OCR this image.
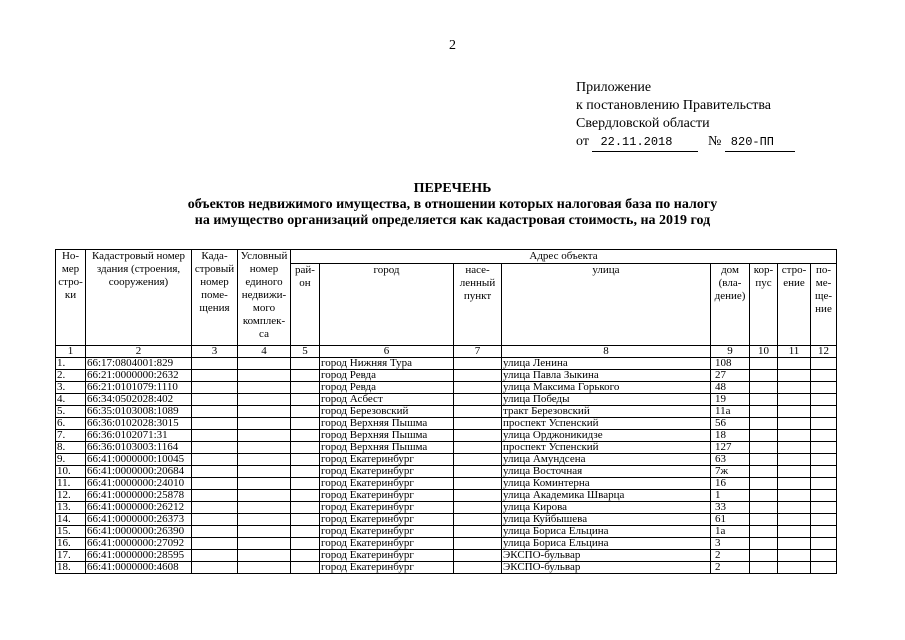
2
Приложение
к постановлению Правительства
Свердловской области
от 22.11.2018	№ 820-ПП
ПЕРЕЧЕНЬ
объектов недвижимого имущества, в отношении которых налоговая база по налогу
на имущество организаций определяется как кадастровая стоимость, на 2019 год
Но-мер стро-ки	Кадастровый номер здания (строения, сооружения)	Када-стровый номер поме-щения	Условный номер единого недвижи-мого комплек-са	Адрес объекта							
				рай-он	город	насе-ленный пункт	улица	дом (вла-дение)	кор-пус	стро-ение	по-ме-ще-ние
1	2	3	4	5	6	7	8	9	10	11	12
1.	66:17:0804001:829				город Нижняя Тура		улица Ленина	108			
2.	66:21:0000000:2632				город Ревда		улица Павла Зыкина	27			
3.	66:21:0101079:1110				город Ревда		улица Максима Горького	48			
4.	66:34:0502028:402				город Асбест		улица Победы	19			
5.	66:35:0103008:1089				город Березовский		тракт Березовский	11а			
6.	66:36:0102028:3015				город Верхняя Пышма		проспект Успенский	56			
7.	66:36:0102071:31				город Верхняя Пышма		улица Орджоникидзе	18			
8.	66:36:0103003:1164				город Верхняя Пышма		проспект Успенский	127			
9.	66:41:0000000:10045				город Екатеринбург		улица Амундсена	63			
10.	66:41:0000000:20684				город Екатеринбург		улица Восточная	7ж			
11.	66:41:0000000:24010				город Екатеринбург		улица Коминтерна	16			
12.	66:41:0000000:25878				город Екатеринбург		улица Академика Шварца	1			
13.	66:41:0000000:26212				город Екатеринбург		улица Кирова	33			
14.	66:41:0000000:26373				город Екатеринбург		улица Куйбышева	61			
15.	66:41:0000000:26390				город Екатеринбург		улица Бориса Ельцина	1а			
16.	66:41:0000000:27092				город Екатеринбург		улица Бориса Ельцина	3			
17.	66:41:0000000:28595				город Екатеринбург		ЭКСПО-бульвар	2			
18.	66:41:0000000:4608				город Екатеринбург		ЭКСПО-бульвар	2			
